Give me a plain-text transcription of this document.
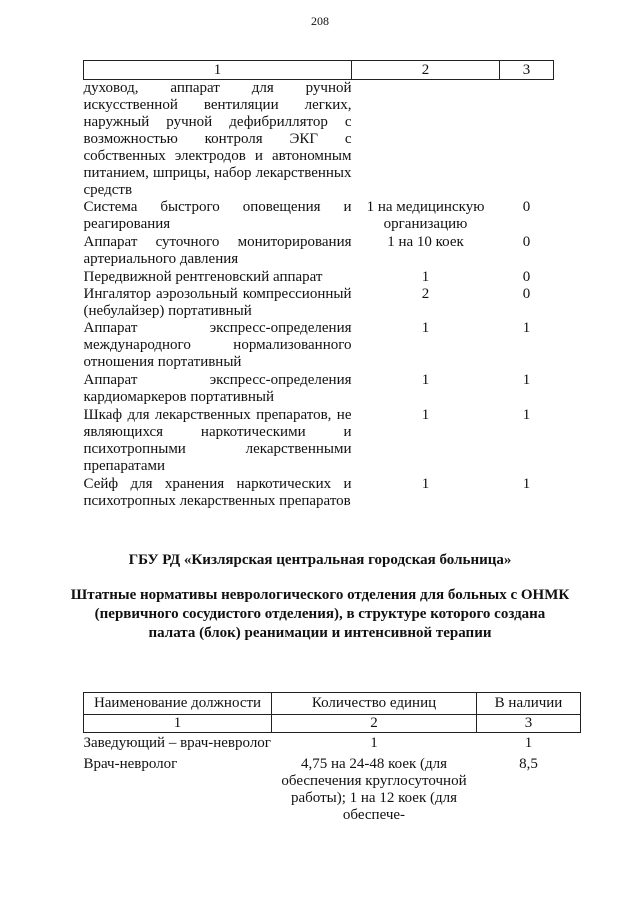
208
1	2	3
духовод, аппарат для ручной искусственной вентиляции легких, наружный ручной дефибриллятор с возможностью контроля ЭКГ с собственных электродов и автономным питанием, шприцы, набор лекарственных средств		
Система быстрого оповещения и реагирования	1 на медицинскую организацию	0
Аппарат суточного мониторирования артериального давления	1 на 10 коек	0
Передвижной рентгеновский аппарат	1	0
Ингалятор аэрозольный компрессионный (небулайзер) портативный	2	0
Аппарат экспресс-определения международного нормализованного отношения портативный	1	1
Аппарат экспресс-определения кардиомаркеров портативный	1	1
Шкаф для лекарственных препаратов, не являющихся наркотическими и психотропными лекарственными препаратами	1	1
Сейф для хранения наркотических и психотропных лекарственных препаратов	1	1
ГБУ РД «Кизлярская центральная городская больница»
Штатные нормативы неврологического отделения для больных с ОНМК (первичного сосудистого отделения), в структуре которого создана палата (блок) реанимации и интенсивной терапии
Наименование должности	Количество единиц	В наличии
1	2	3
Заведующий – врач-невролог	1	1
Врач-невролог	4,75 на 24-48 коек (для обеспечения круглосуточной работы); 1 на 12 коек (для обеспече-	8,5
